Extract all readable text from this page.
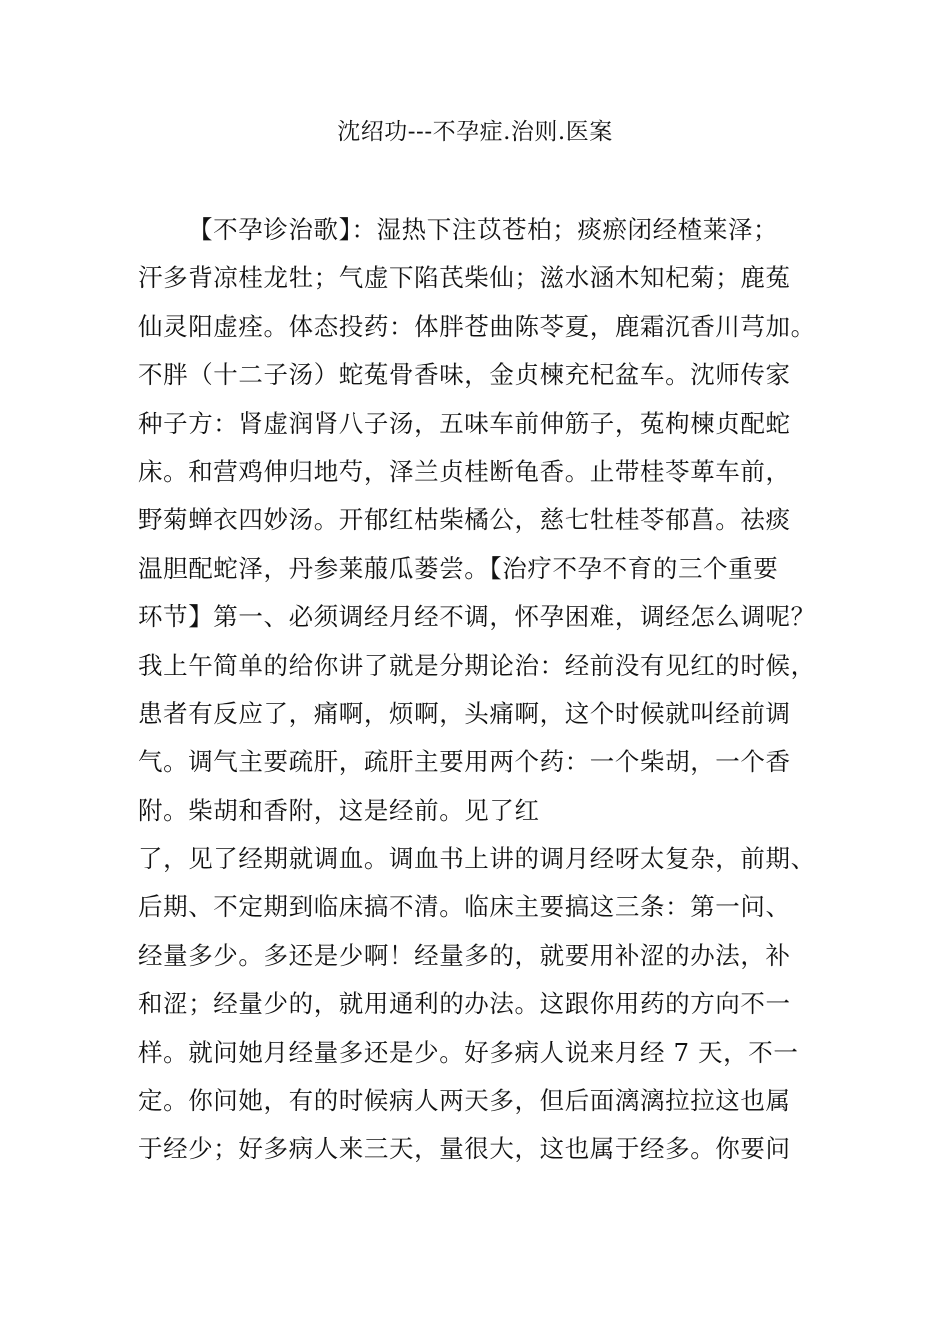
沈绍功---不孕症.治则.医案
【不孕诊治歌】：湿热下注苡苍柏；痰瘀闭经楂莱泽；
汗多背凉桂龙牡；气虚下陷芪柴仙；滋水涵木知杞菊；鹿菟
仙灵阳虚痊。体态投药：体胖苍曲陈苓夏，鹿霜沉香川芎加。
不胖（十二子汤）蛇菟骨香味，金贞楝充杞盆车。沈师传家
种子方：肾虚润肾八子汤，五味车前伸筋子，菟枸楝贞配蛇
床。和营鸡伸归地芍，泽兰贞桂断龟香。止带桂苓萆车前，
野菊蝉衣四妙汤。开郁红枯柴橘公，慈七牡桂苓郁菖。祛痰
温胆配蛇泽，丹参莱菔瓜蒌尝。【治疗不孕不育的三个重要
环节】第一、必须调经月经不调，怀孕困难，调经怎么调呢？
我上午简单的给你讲了就是分期论治：经前没有见红的时候，
患者有反应了，痛啊，烦啊，头痛啊，这个时候就叫经前调
气。调气主要疏肝，疏肝主要用两个药：一个柴胡，一个香
附。柴胡和香附，这是经前。见了红
了，见了经期就调血。调血书上讲的调月经呀太复杂，前期、
后期、不定期到临床搞不清。临床主要搞这三条：第一问、
经量多少。多还是少啊！经量多的，就要用补涩的办法，补
和涩；经量少的，就用通利的办法。这跟你用药的方向不一
样。就问她月经量多还是少。好多病人说来月经 7 天，不一
定。你问她，有的时候病人两天多，但后面漓漓拉拉这也属
于经少；好多病人来三天，量很大，这也属于经多。你要问
